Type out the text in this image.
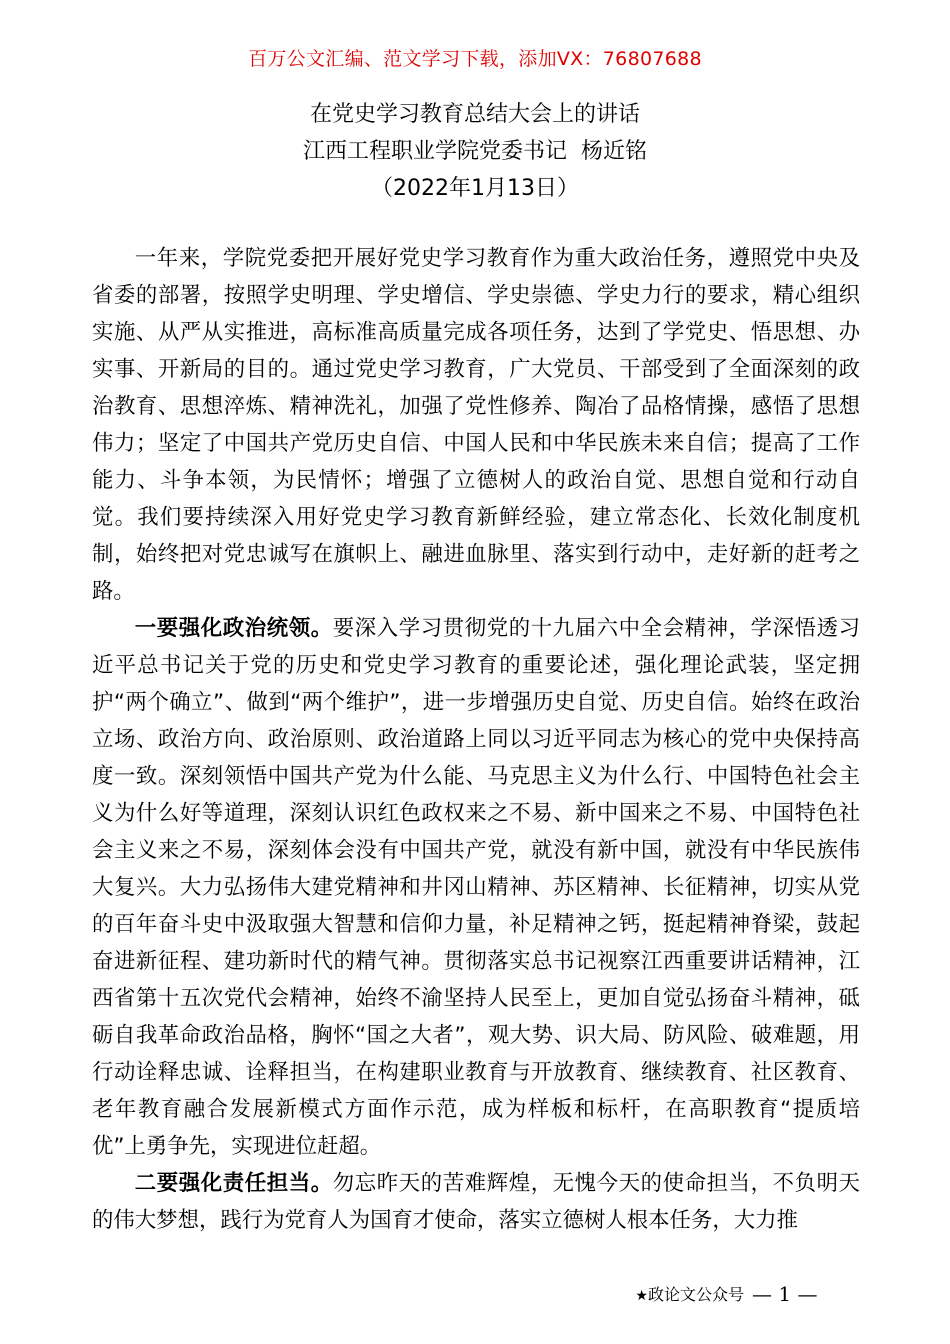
百万公文汇编、范文学习下载，添加VX：76807688
在党史学习教育总结大会上的讲话
江西工程职业学院党委书记  杨近铭
（2022年1月13日）

一年来，学院党委把开展好党史学习教育作为重大政治任务，遵照党中央及省委的部署，按照学史明理、学史增信、学史崇德、学史力行的要求，精心组织实施、从严从实推进，高标准高质量完成各项任务，达到了学党史、悟思想、办实事、开新局的目的。通过党史学习教育，广大党员、干部受到了全面深刻的政治教育、思想淬炼、精神洗礼，加强了党性修养、陶冶了品格情操，感悟了思想伟力；坚定了中国共产党历史自信、中国人民和中华民族未来自信；提高了工作能力、斗争本领，为民情怀；增强了立德树人的政治自觉、思想自觉和行动自觉。我们要持续深入用好党史学习教育新鲜经验，建立常态化、长效化制度机制，始终把对党忠诚写在旗帜上、融进血脉里、落实到行动中，走好新的赶考之路。

一要强化政治统领。要深入学习贯彻党的十九届六中全会精神，学深悟透习近平总书记关于党的历史和党史学习教育的重要论述，强化理论武装，坚定拥护“两个确立”、做到“两个维护”，进一步增强历史自觉、历史自信。始终在政治立场、政治方向、政治原则、政治道路上同以习近平同志为核心的党中央保持高度一致。深刻领悟中国共产党为什么能、马克思主义为什么行、中国特色社会主义为什么好等道理，深刻认识红色政权来之不易、新中国来之不易、中国特色社会主义来之不易，深刻体会没有中国共产党，就没有新中国，就没有中华民族伟大复兴。大力弘扬伟大建党精神和井冈山精神、苏区精神、长征精神，切实从党的百年奋斗史中汲取强大智慧和信仰力量，补足精神之钙，挺起精神脊梁，鼓起奋进新征程、建功新时代的精气神。贯彻落实总书记视察江西重要讲话精神，江西省第十五次党代会精神，始终不渝坚持人民至上，更加自觉弘扬奋斗精神，砥砺自我革命政治品格，胸怀“国之大者”，观大势、识大局、防风险、破难题，用行动诠释忠诚、诠释担当，在构建职业教育与开放教育、继续教育、社区教育、老年教育融合发展新模式方面作示范，成为样板和标杆，在高职教育“提质培优”上勇争先，实现进位赶超。

二要强化责任担当。勿忘昨天的苦难辉煌，无愧今天的使命担当，不负明天的伟大梦想，践行为党育人为国育才使命，落实立德树人根本任务，大力推

★政论文公众号 — 1 —
